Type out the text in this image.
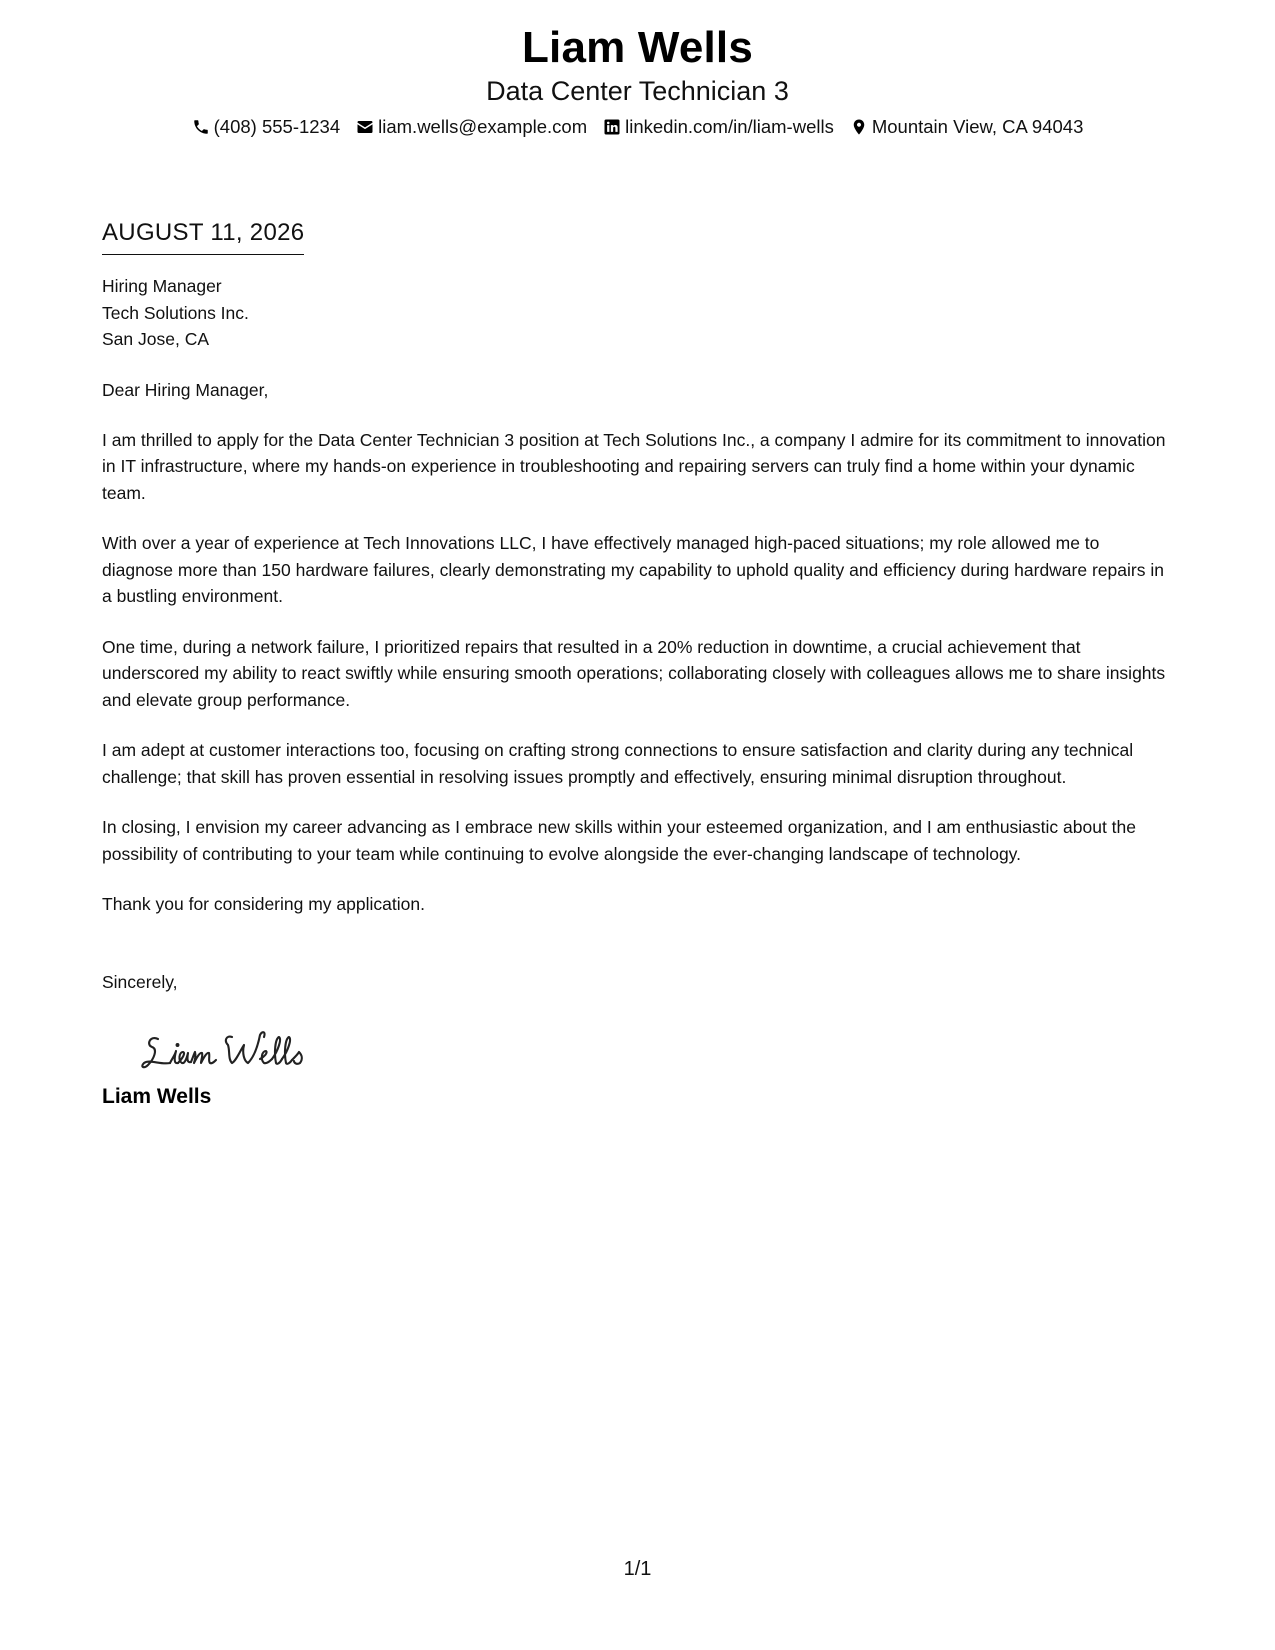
Liam Wells
Data Center Technician 3
(408) 555-1234 liam.wells@example.com linkedin.com/in/liam-wells Mountain View, CA 94043
AUGUST 11, 2026
Hiring Manager
Tech Solutions Inc.
San Jose, CA
Dear Hiring Manager,
I am thrilled to apply for the Data Center Technician 3 position at Tech Solutions Inc., a company I admire for its commitment to innovation in IT infrastructure, where my hands-on experience in troubleshooting and repairing servers can truly find a home within your dynamic team.
With over a year of experience at Tech Innovations LLC, I have effectively managed high-paced situations; my role allowed me to diagnose more than 150 hardware failures, clearly demonstrating my capability to uphold quality and efficiency during hardware repairs in a bustling environment.
One time, during a network failure, I prioritized repairs that resulted in a 20% reduction in downtime, a crucial achievement that underscored my ability to react swiftly while ensuring smooth operations; collaborating closely with colleagues allows me to share insights and elevate group performance.
I am adept at customer interactions too, focusing on crafting strong connections to ensure satisfaction and clarity during any technical challenge; that skill has proven essential in resolving issues promptly and effectively, ensuring minimal disruption throughout.
In closing, I envision my career advancing as I embrace new skills within your esteemed organization, and I am enthusiastic about the possibility of contributing to your team while continuing to evolve alongside the ever-changing landscape of technology.
Thank you for considering my application.
Sincerely,
Liam Wells
1/1
